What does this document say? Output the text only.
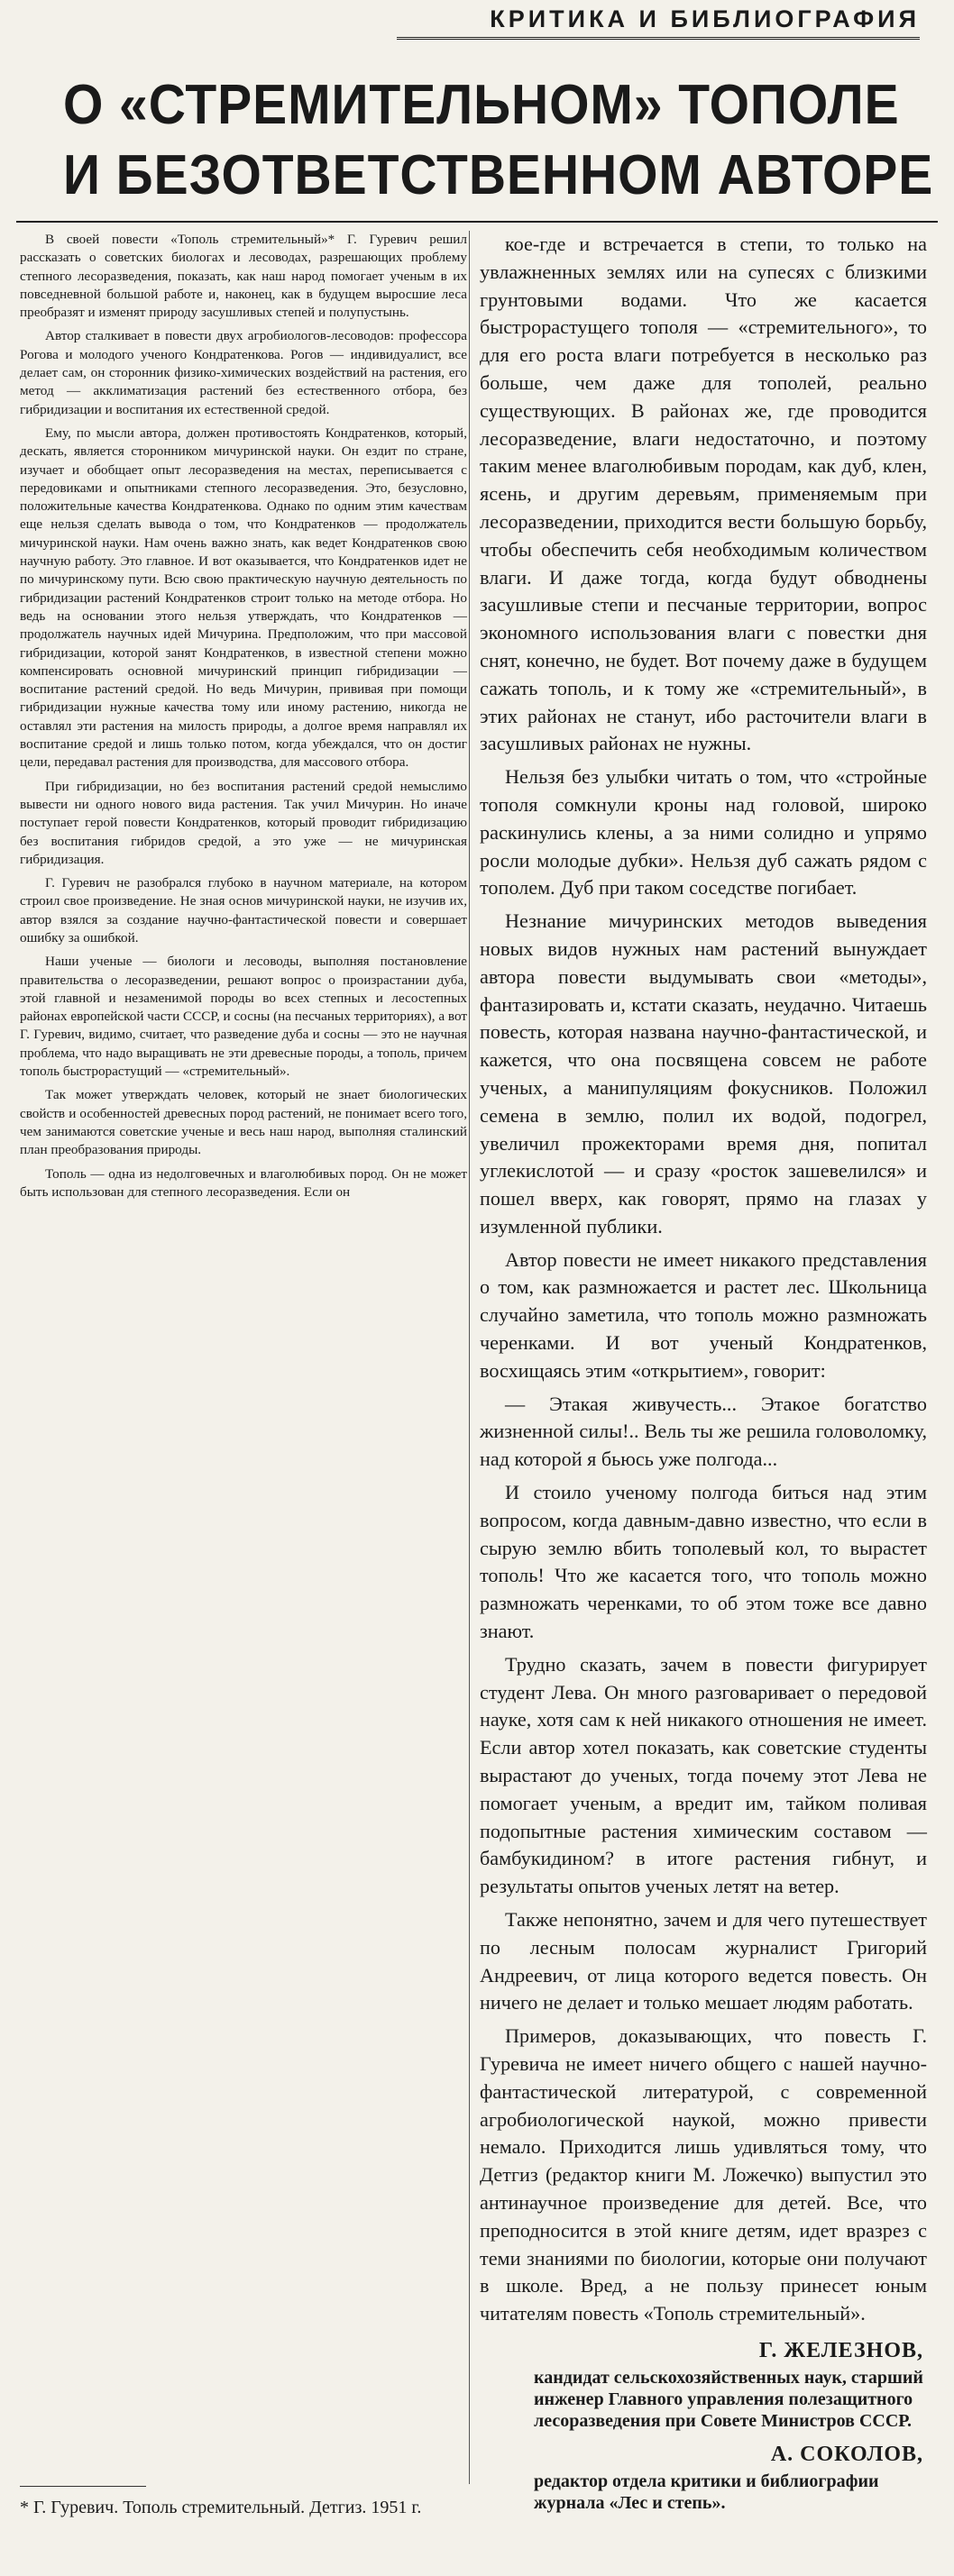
КРИТИКА И БИБЛИОГРАФИЯ
О «СТРЕМИТЕЛЬНОМ» ТОПОЛЕ
И БЕЗОТВЕТСТВЕННОМ АВТОРЕ

В своей повести «Тополь стремительный»* Г. Гуревич решил рассказать о советских биологах и лесоводах, разрешающих проблему степного лесоразведения, показать, как наш народ помогает ученым в их повседневной большой работе и, наконец, как в будущем выросшие леса преобразят и изменят природу засушливых степей и полупустынь.

Автор сталкивает в повести двух агробиологов-лесоводов: профессора Рогова и молодого ученого Кондратенкова. Рогов — индивидуалист, все делает сам, он сторонник физико-химических воздействий на растения, его метод — акклиматизация растений без естественного отбора, без гибридизации и воспитания их естественной средой.

Ему, по мысли автора, должен противостоять Кондратенков, который, дескать, является сторонником мичуринской науки. Он ездит по стране, изучает и обобщает опыт лесоразведения на местах, переписывается с передовиками и опытниками степного лесоразведения. Это, безусловно, положительные качества Кондратенкова. Однако по одним этим качествам еще нельзя сделать вывода о том, что Кондратенков — продолжатель мичуринской науки. Нам очень важно знать, как ведет Кондратенков свою научную работу. Это главное. И вот оказывается, что Кондратенков идет не по мичуринскому пути. Всю свою практическую научную деятельность по гибридизации растений Кондратенков строит только на методе отбора. Но ведь на основании этого нельзя утверждать, что Кондратенков — продолжатель научных идей Мичурина. Предположим, что при массовой гибридизации, которой занят Кондратенков, в известной степени можно компенсировать основной мичуринский принцип гибридизации — воспитание растений средой. Но ведь Мичурин, прививая при помощи гибридизации нужные качества тому или иному растению, никогда не оставлял эти растения на милость природы, а долгое время направлял их воспитание средой и лишь только потом, когда убеждался, что он достиг цели, передавал растения для производства, для массового отбора.

При гибридизации, но без воспитания растений средой немыслимо вывести ни одного нового вида растения. Так учил Мичурин. Но иначе поступает герой повести Кондратенков, который проводит гибридизацию без воспитания гибридов средой, а это уже — не мичуринская гибридизация.

Г. Гуревич не разобрался глубоко в научном материале, на котором строил свое произведение. Не зная основ мичуринской науки, не изучив их, автор взялся за создание научно-фантастической повести и совершает ошибку за ошибкой.

Наши ученые — биологи и лесоводы, выполняя постановление правительства о лесоразведении, решают вопрос о произрастании дуба, этой главной и незаменимой породы во всех степных и лесостепных районах европейской части СССР, и сосны (на песчаных территориях), а вот Г. Гуревич, видимо, считает, что разведение дуба и сосны — это не научная проблема, что надо выращивать не эти древесные породы, а тополь, причем тополь быстрорастущий — «стремительный».

Так может утверждать человек, который не знает биологических свойств и особенностей древесных пород растений, не понимает всего того, чем занимаются советские ученые и весь наш народ, выполняя сталинский план преобразования природы.

Тополь — одна из недолговечных и влаголюбивых пород. Он не может быть использован для степного лесоразведения. Если он

кое-где и встречается в степи, то только на увлажненных землях или на супесях с близкими грунтовыми водами. Что же касается быстрорастущего тополя — «стремительного», то для его роста влаги потребуется в несколько раз больше, чем даже для тополей, реально существующих. В районах же, где проводится лесоразведение, влаги недостаточно, и поэтому таким менее влаголюбивым породам, как дуб, клен, ясень, и другим деревьям, применяемым при лесоразведении, приходится вести большую борьбу, чтобы обеспечить себя необходимым количеством влаги. И даже тогда, когда будут обводнены засушливые степи и песчаные территории, вопрос экономного использования влаги с повестки дня снят, конечно, не будет. Вот почему даже в будущем сажать тополь, и к тому же «стремительный», в этих районах не станут, ибо расточители влаги в засушливых районах не нужны.

Нельзя без улыбки читать о том, что «стройные тополя сомкнули кроны над головой, широко раскинулись клены, а за ними солидно и упрямо росли молодые дубки». Нельзя дуб сажать рядом с тополем. Дуб при таком соседстве погибает.

Незнание мичуринских методов выведения новых видов нужных нам растений вынуждает автора повести выдумывать свои «методы», фантазировать и, кстати сказать, неудачно. Читаешь повесть, которая названа научно-фантастической, и кажется, что она посвящена совсем не работе ученых, а манипуляциям фокусников. Положил семена в землю, полил их водой, подогрел, увеличил прожекторами время дня, попитал углекислотой — и сразу «росток зашевелился» и пошел вверх, как говорят, прямо на глазах у изумленной публики.

Автор повести не имеет никакого представления о том, как размножается и растет лес. Школьница случайно заметила, что тополь можно размножать черенками. И вот ученый Кондратенков, восхищаясь этим «открытием», говорит:

— Этакая живучесть... Этакое богатство жизненной силы!.. Вель ты же решила головоломку, над которой я бьюсь уже полгода...

И стоило ученому полгода биться над этим вопросом, когда давным-давно известно, что если в сырую землю вбить тополевый кол, то вырастет тополь! Что же касается того, что тополь можно размножать черенками, то об этом тоже все давно знают.

Трудно сказать, зачем в повести фигурирует студент Лева. Он много разговаривает о передовой науке, хотя сам к ней никакого отношения не имеет. Если автор хотел показать, как советские студенты вырастают до ученых, тогда почему этот Лева не помогает ученым, а вредит им, тайком поливая подопытные растения химическим составом — бамбукидином? в итоге растения гибнут, и результаты опытов ученых летят на ветер.

Также непонятно, зачем и для чего путешествует по лесным полосам журналист Григорий Андреевич, от лица которого ведется повесть. Он ничего не делает и только мешает людям работать.

Примеров, доказывающих, что повесть Г. Гуревича не имеет ничего общего с нашей научно-фантастической литературой, с современной агробиологической наукой, можно привести немало. Приходится лишь удивляться тому, что Детгиз (редактор книги М. Ложечко) выпустил это антинаучное произведение для детей. Все, что преподносится в этой книге детям, идет вразрез с теми знаниями по биологии, которые они получают в школе. Вред, а не пользу принесет юным читателям повесть «Тополь стремительный».

Г. ЖЕЛЕЗНОВ,
кандидат сельскохозяйственных наук, старший инженер Главного управления полезащитного лесоразведения при Совете Министров СССР.
А. СОКОЛОВ,
редактор отдела критики и библиографии журнала «Лес и степь».
* Г. Гуревич. Тополь стремительный. Детгиз. 1951 г.
